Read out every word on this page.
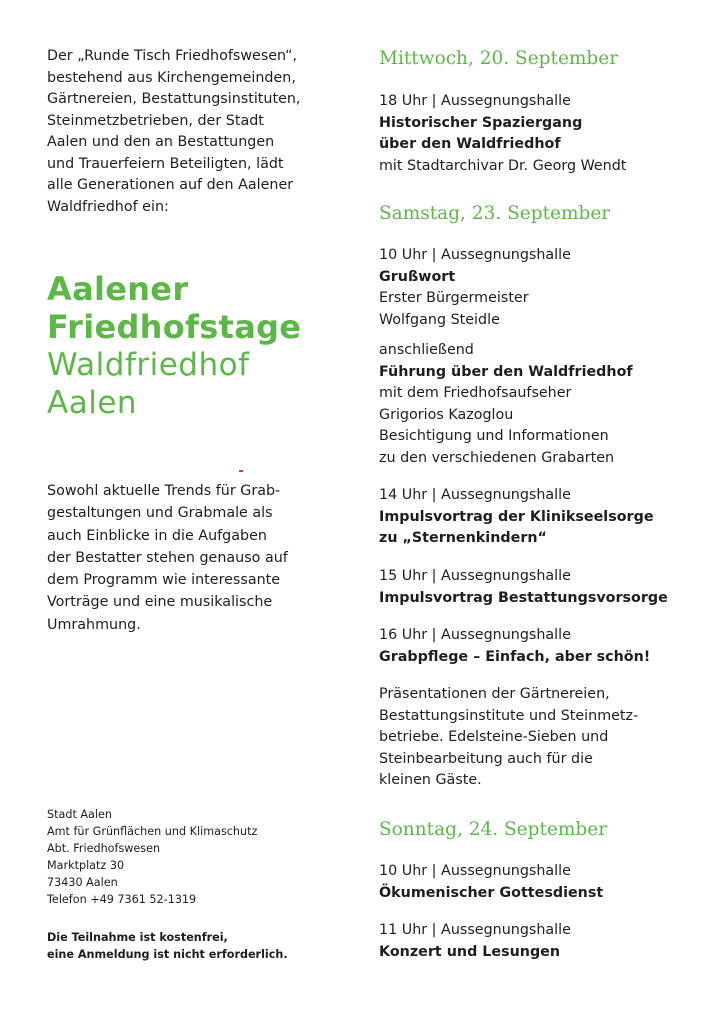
Der „Runde Tisch Friedhofswesen“,
bestehend aus Kirchengemeinden,
Gärtnereien, Bestattungsinstituten,
Steinmetzbetrieben, der Stadt
Aalen und den an Bestattungen
und Trauerfeiern Beteiligten, lädt
alle Generationen auf den Aalener
Waldfriedhof ein:

Aalener

Friedhofstage

Waldfriedhof

Aalen

Sowohl aktuelle Trends für Grab-
gestaltungen und Grabmale als
auch Einblicke in die Aufgaben
der Bestatter stehen genauso auf
dem Programm wie interessante
Vorträge und eine musikalische
Umrahmung.

Stadt Aalen
Amt für Grünflächen und Klimaschutz
Abt. Friedhofswesen
Marktplatz 30
73430 Aalen
Telefon +49 7361 52-1319

Die Teilnahme ist kostenfrei,
eine Anmeldung ist nicht erforderlich.

Mittwoch, 20. September
18 Uhr | Aussegnungshalle
Historischer Spaziergang
über den Waldfriedhof
mit Stadtarchivar Dr. Georg Wendt
Samstag, 23. September
10 Uhr | Aussegnungshalle
Grußwort
Erster Bürgermeister
Wolfgang Steidle
anschließend
Führung über den Waldfriedhof
mit dem Friedhofsaufseher
Grigorios Kazoglou
Besichtigung und Informationen
zu den verschiedenen Grabarten
14 Uhr | Aussegnungshalle
Impulsvortrag der Klinikseelsorge
zu „Sternenkindern“
15 Uhr | Aussegnungshalle
Impulsvortrag Bestattungsvorsorge
16 Uhr | Aussegnungshalle
Grabpflege – Einfach, aber schön!
Präsentationen der Gärtnereien,
Bestattungsinstitute und Steinmetz-
betriebe. Edelsteine-Sieben und
Steinbearbeitung auch für die
kleinen Gäste.
Sonntag, 24. September
10 Uhr | Aussegnungshalle
Ökumenischer Gottesdienst
11 Uhr | Aussegnungshalle
Konzert und Lesungen
